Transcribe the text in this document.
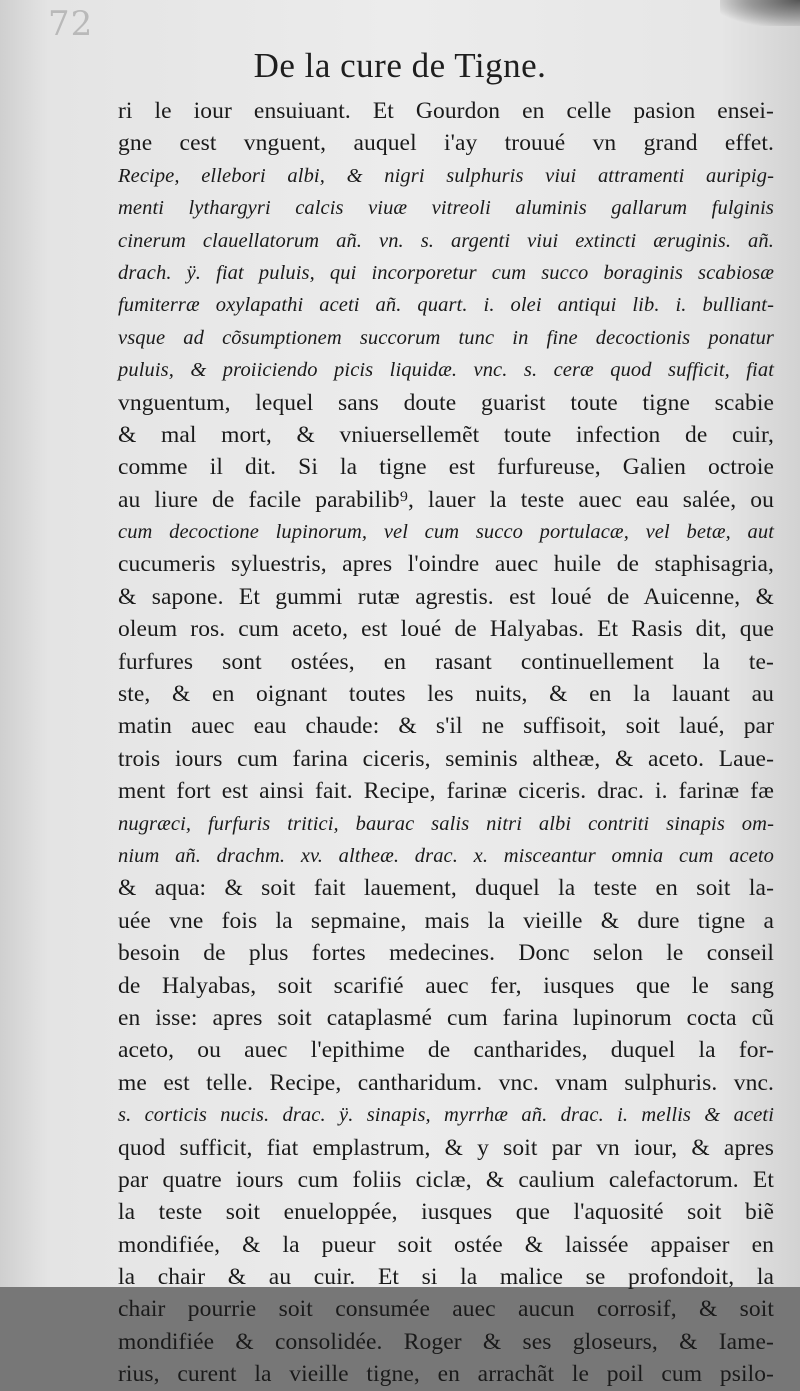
72
De la cure de Tigne.
ri le iour ensuiuant. Et Gourdon en celle pasion ensei-
gne cest vnguent, auquel i'ay trouué vn grand effet.
Recipe, ellebori albi, & nigri sulphuris viui attramenti auripig-
menti lythargyri calcis viuæ vitreoli aluminis gallarum fulginis
cinerum clauellatorum añ. vn. s. argenti viui extincti æruginis. añ.
drach. ÿ. fiat puluis, qui incorporetur cum succo boraginis scabiosæ
fumiterræ oxylapathi aceti añ. quart. i. olei antiqui lib. i. bulliant-
vsque ad cõsumptionem succorum tunc in fine decoctionis ponatur
puluis, & proiiciendo picis liquidæ. vnc. s. ceræ quod sufficit, fiat
vnguentum, lequel sans doute guarist toute tigne scabie
& mal mort, & vniuersellemẽt toute infection de cuir,
comme il dit. Si la tigne est furfureuse, Galien octroie
au liure de facile parabilib⁹, lauer la teste auec eau salée, ou
cum decoctione lupinorum, vel cum succo portulacæ, vel betæ, aut
cucumeris syluestris, apres l'oindre auec huile de staphisagria,
& sapone. Et gummi rutæ agrestis. est loué de Auicenne, &
oleum ros. cum aceto, est loué de Halyabas. Et Rasis dit, que
furfures sont ostées, en rasant continuellement la te-
ste, & en oignant toutes les nuits, & en la lauant au
matin auec eau chaude: & s'il ne suffisoit, soit laué, par
trois iours cum farina ciceris, seminis altheæ, & aceto. Laue-
ment fort est ainsi fait. Recipe, farinæ ciceris. drac. i. farinæ fæ
nugræci, furfuris tritici, baurac salis nitri albi contriti sinapis om-
nium añ. drachm. xv. altheæ. drac. x. misceantur omnia cum aceto
& aqua: & soit fait lauement, duquel la teste en soit la-
uée vne fois la sepmaine, mais la vieille & dure tigne a
besoin de plus fortes medecines. Donc selon le conseil
de Halyabas, soit scarifié auec fer, iusques que le sang
en isse: apres soit cataplasmé cum farina lupinorum cocta cũ
aceto, ou auec l'epithime de cantharides, duquel la for-
me est telle. Recipe, cantharidum. vnc. vnam sulphuris. vnc.
s. corticis nucis. drac. ÿ. sinapis, myrrhæ añ. drac. i. mellis & aceti
quod sufficit, fiat emplastrum, & y soit par vn iour, & apres
par quatre iours cum foliis ciclæ, & caulium calefactorum. Et
la teste soit enueloppée, iusques que l'aquosité soit biẽ
mondifiée, & la pueur soit ostée & laissée appaiser en
la chair & au cuir. Et si la malice se profondoit, la
chair pourrie soit consumée auec aucun corrosif, & soit
mondifiée & consolidée. Roger & ses gloseurs, & Iame-
rius, curent la vieille tigne, en arrachãt le poil cum psilo-
